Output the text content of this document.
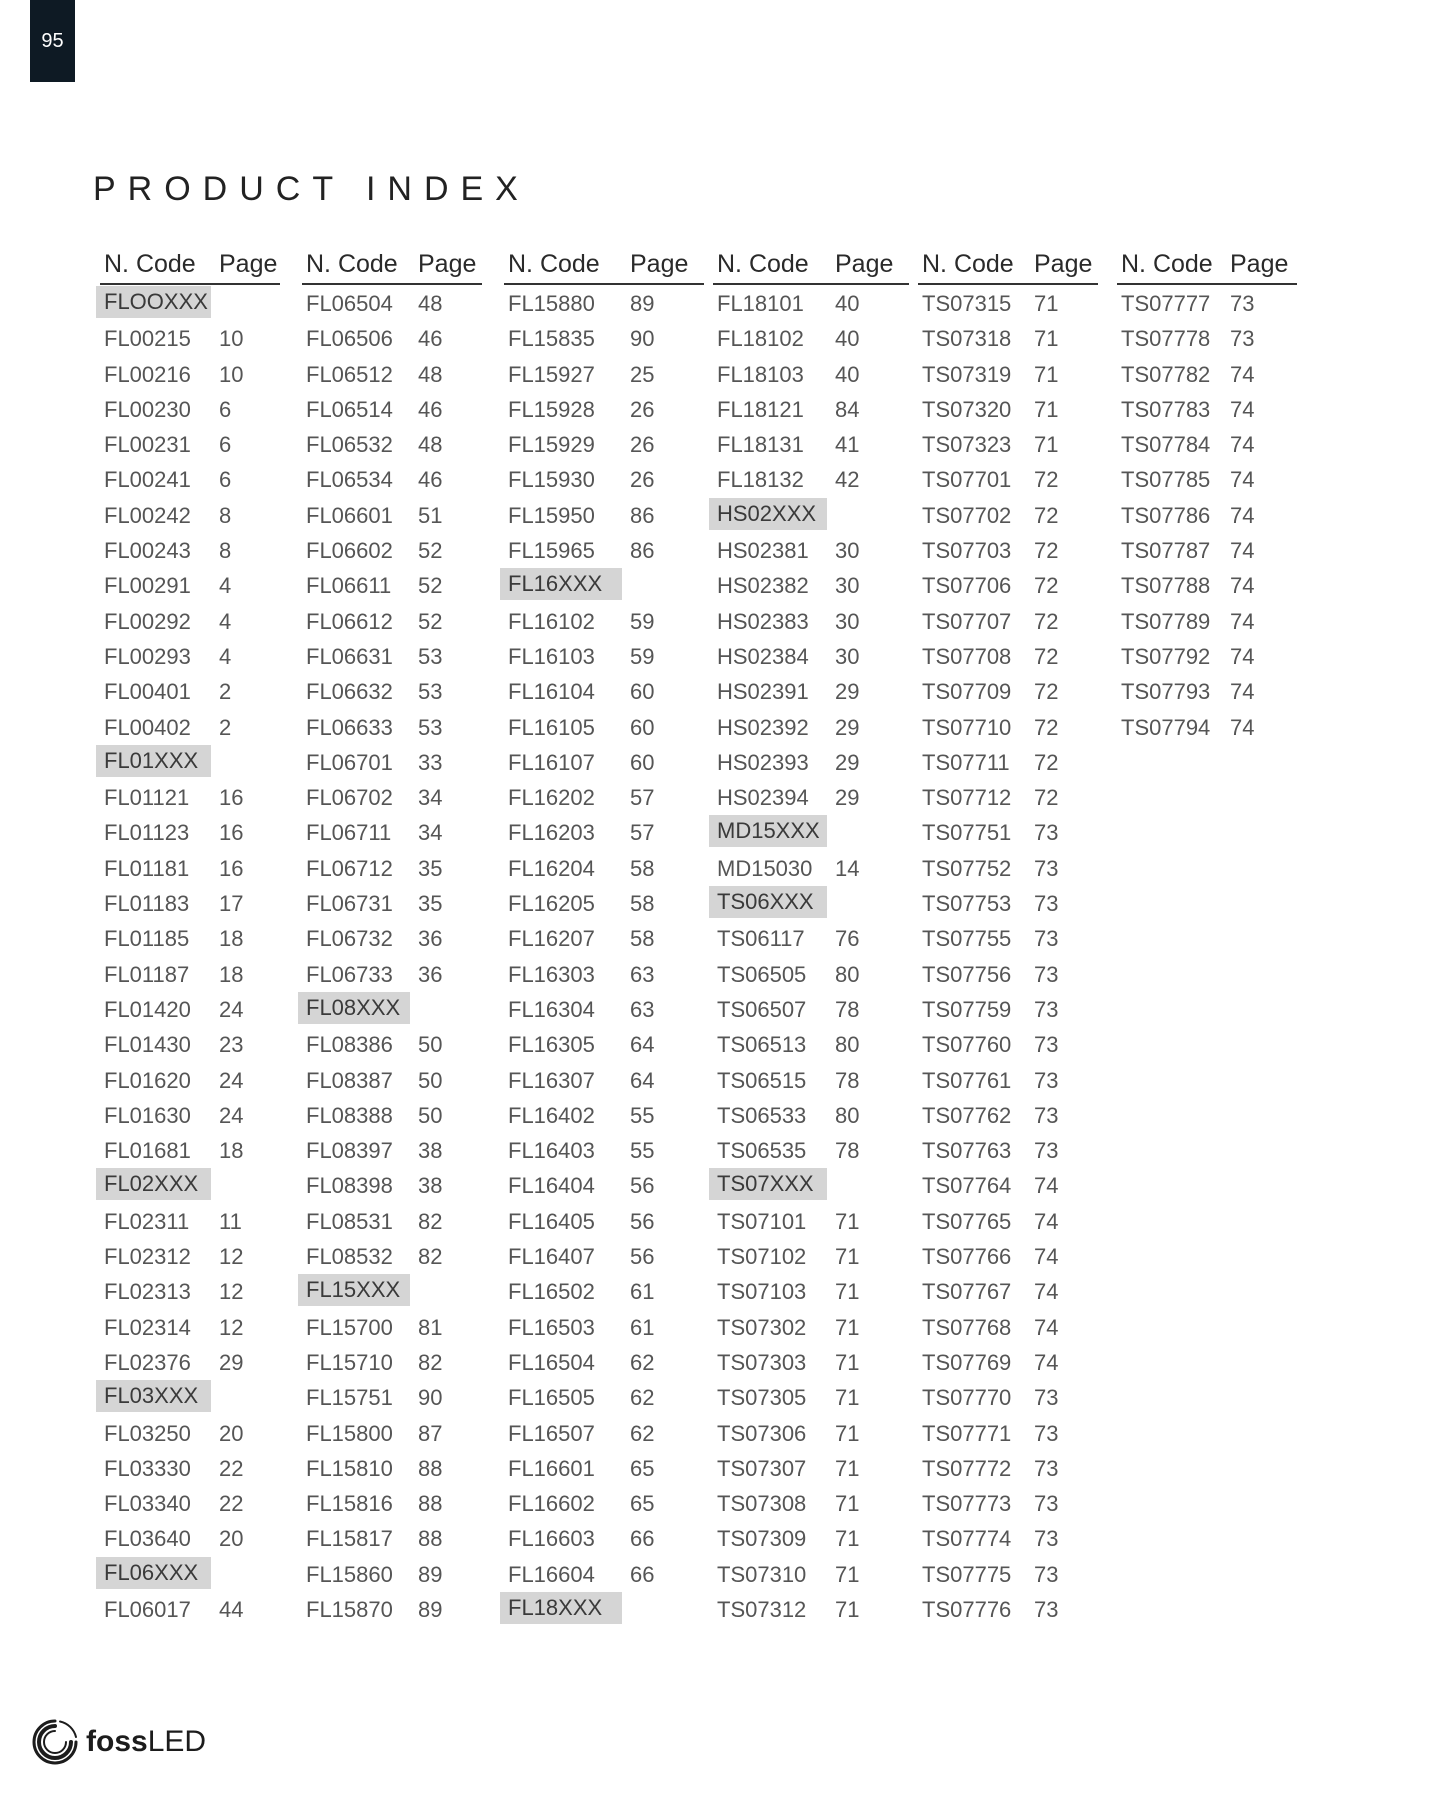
95
PRODUCT INDEX
N. Code Page
FLOOXXX
FL00215 10
FL00216 10
FL00230 6
FL00231 6
FL00241 6
FL00242 8
FL00243 8
FL00291 4
FL00292 4
FL00293 4
FL00401 2
FL00402 2
FL01XXX
FL01121 16
FL01123 16
FL01181 16
FL01183 17
FL01185 18
FL01187 18
FL01420 24
FL01430 23
FL01620 24
FL01630 24
FL01681 18
FL02XXX
FL02311 11
FL02312 12
FL02313 12
FL02314 12
FL02376 29
FL03XXX
FL03250 20
FL03330 22
FL03340 22
FL03640 20
FL06XXX
FL06017 44
N. Code Page
FL06504 48
FL06506 46
FL06512 48
FL06514 46
FL06532 48
FL06534 46
FL06601 51
FL06602 52
FL06611 52
FL06612 52
FL06631 53
FL06632 53
FL06633 53
FL06701 33
FL06702 34
FL06711 34
FL06712 35
FL06731 35
FL06732 36
FL06733 36
FL08XXX
FL08386 50
FL08387 50
FL08388 50
FL08397 38
FL08398 38
FL08531 82
FL08532 82
FL15XXX
FL15700 81
FL15710 82
FL15751 90
FL15800 87
FL15810 88
FL15816 88
FL15817 88
FL15860 89
FL15870 89
N. Code Page
FL15880 89
FL15835 90
FL15927 25
FL15928 26
FL15929 26
FL15930 26
FL15950 86
FL15965 86
FL16XXX
FL16102 59
FL16103 59
FL16104 60
FL16105 60
FL16107 60
FL16202 57
FL16203 57
FL16204 58
FL16205 58
FL16207 58
FL16303 63
FL16304 63
FL16305 64
FL16307 64
FL16402 55
FL16403 55
FL16404 56
FL16405 56
FL16407 56
FL16502 61
FL16503 61
FL16504 62
FL16505 62
FL16507 62
FL16601 65
FL16602 65
FL16603 66
FL16604 66
FL18XXX
N. Code Page
FL18101 40
FL18102 40
FL18103 40
FL18121 84
FL18131 41
FL18132 42
HS02XXX
HS02381 30
HS02382 30
HS02383 30
HS02384 30
HS02391 29
HS02392 29
HS02393 29
HS02394 29
MD15XXX
MD15030 14
TS06XXX
TS06117 76
TS06505 80
TS06507 78
TS06513 80
TS06515 78
TS06533 80
TS06535 78
TS07XXX
TS07101 71
TS07102 71
TS07103 71
TS07302 71
TS07303 71
TS07305 71
TS07306 71
TS07307 71
TS07308 71
TS07309 71
TS07310 71
TS07312 71
N. Code Page
TS07315 71
TS07318 71
TS07319 71
TS07320 71
TS07323 71
TS07701 72
TS07702 72
TS07703 72
TS07706 72
TS07707 72
TS07708 72
TS07709 72
TS07710 72
TS07711 72
TS07712 72
TS07751 73
TS07752 73
TS07753 73
TS07755 73
TS07756 73
TS07759 73
TS07760 73
TS07761 73
TS07762 73
TS07763 73
TS07764 74
TS07765 74
TS07766 74
TS07767 74
TS07768 74
TS07769 74
TS07770 73
TS07771 73
TS07772 73
TS07773 73
TS07774 73
TS07775 73
TS07776 73
N. Code Page
TS07777 73
TS07778 73
TS07782 74
TS07783 74
TS07784 74
TS07785 74
TS07786 74
TS07787 74
TS07788 74
TS07789 74
TS07792 74
TS07793 74
TS07794 74
fossLED
